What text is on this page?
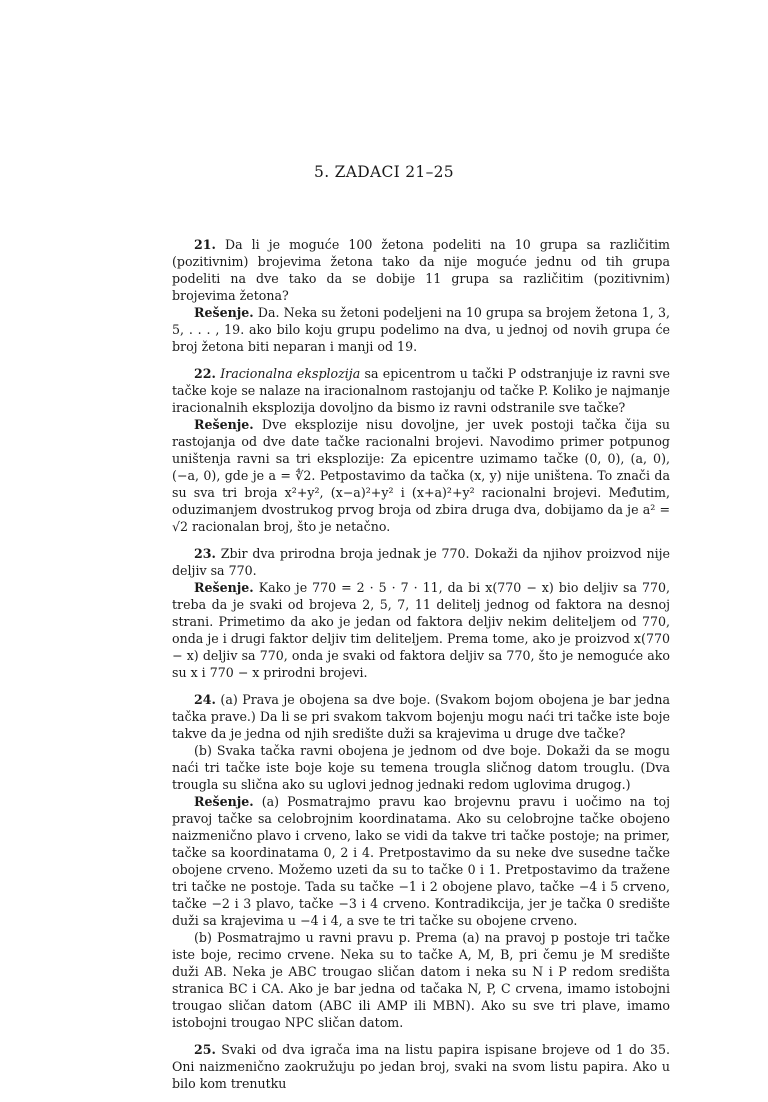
5. ZADACI 21–25

21. Da li je moguće 100 žetona podeliti na 10 grupa sa različitim (pozitivnim) brojevima žetona tako da nije moguće jednu od tih grupa podeliti na dve tako da se dobije 11 grupa sa različitim (pozitivnim) brojevima žetona?

Rešenje. Da. Neka su žetoni podeljeni na 10 grupa sa brojem žetona 1, 3, 5, . . . , 19. ako bilo koju grupu podelimo na dva, u jednoj od novih grupa će broj žetona biti neparan i manji od 19.

22. Iracionalna eksplozija sa epicentrom u tački P odstranjuje iz ravni sve tačke koje se nalaze na iracionalnom rastojanju od tačke P. Koliko je najmanje iracionalnih eksplozija dovoljno da bismo iz ravni odstranile sve tačke?

Rešenje. Dve eksplozije nisu dovoljne, jer uvek postoji tačka čija su rastojanja od dve date tačke racionalni brojevi. Navodimo primer potpunog uništenja ravni sa tri eksplozije: Za epicentre uzimamo tačke (0, 0), (a, 0), (−a, 0), gde je a = ∜2. Petpostavimo da tačka (x, y) nije uništena. To znači da su sva tri broja x²+y², (x−a)²+y² i (x+a)²+y² racionalni brojevi. Međutim, oduzimanjem dvostrukog prvog broja od zbira druga dva, dobijamo da je a² = √2 racionalan broj, što je netačno.

23. Zbir dva prirodna broja jednak je 770. Dokaži da njihov proizvod nije deljiv sa 770.

Rešenje. Kako je 770 = 2 · 5 · 7 · 11, da bi x(770 − x) bio deljiv sa 770, treba da je svaki od brojeva 2, 5, 7, 11 delitelj jednog od faktora na desnoj strani. Primetimo da ako je jedan od faktora deljiv nekim deliteljem od 770, onda je i drugi faktor deljiv tim deliteljem. Prema tome, ako je proizvod x(770 − x) deljiv sa 770, onda je svaki od faktora deljiv sa 770, što je nemoguće ako su x i 770 − x prirodni brojevi.

24. (a) Prava je obojena sa dve boje. (Svakom bojom obojena je bar jedna tačka prave.) Da li se pri svakom takvom bojenju mogu naći tri tačke iste boje takve da je jedna od njih središte duži sa krajevima u druge dve tačke?

(b) Svaka tačka ravni obojena je jednom od dve boje. Dokaži da se mogu naći tri tačke iste boje koje su temena trougla sličnog datom trouglu. (Dva trougla su slična ako su uglovi jednog jednaki redom uglovima drugog.)

Rešenje. (a) Posmatrajmo pravu kao brojevnu pravu i uočimo na toj pravoj tačke sa celobrojnim koordinatama. Ako su celobrojne tačke obojeno naizmenično plavo i crveno, lako se vidi da takve tri tačke postoje; na primer, tačke sa koordinatama 0, 2 i 4. Pretpostavimo da su neke dve susedne tačke obojene crveno. Možemo uzeti da su to tačke 0 i 1. Pretpostavimo da tražene tri tačke ne postoje. Tada su tačke −1 i 2 obojene plavo, tačke −4 i 5 crveno, tačke −2 i 3 plavo, tačke −3 i 4 crveno. Kontradikcija, jer je tačka 0 središte duži sa krajevima u −4 i 4, a sve te tri tačke su obojene crveno.

(b) Posmatrajmo u ravni pravu p. Prema (a) na pravoj p postoje tri tačke iste boje, recimo crvene. Neka su to tačke A, M, B, pri čemu je M središte duži AB. Neka je ABC trougao sličan datom i neka su N i P redom središta stranica BC i CA. Ako je bar jedna od tačaka N, P, C crvena, imamo istobojni trougao sličan datom (ABC ili AMP ili MBN). Ako su sve tri plave, imamo istobojni trougao NPC sličan datom.

25. Svaki od dva igrača ima na listu papira ispisane brojeve od 1 do 35. Oni naizmenično zaokružuju po jedan broj, svaki na svom listu papira. Ako u bilo kom trenutku
